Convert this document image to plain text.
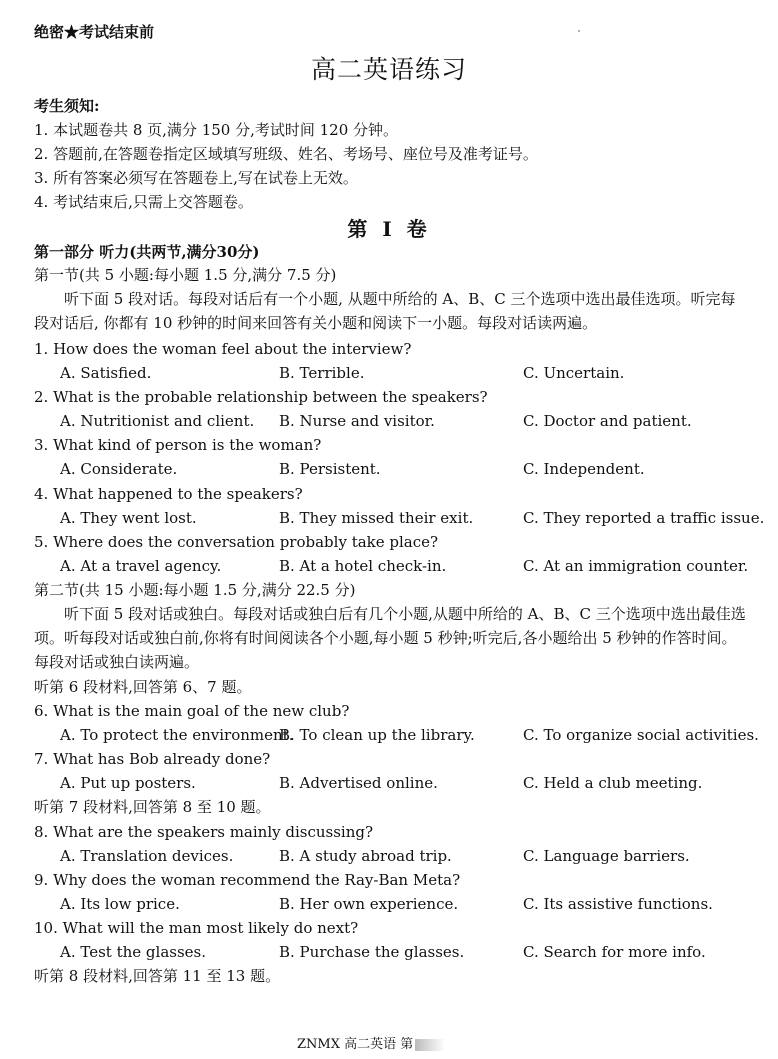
绝密★考试结束前
高二英语练习
考生须知:
1. 本试题卷共 8 页,满分 150 分,考试时间 120 分钟。
2. 答题前,在答题卷指定区域填写班级、姓名、考场号、座位号及准考证号。
3. 所有答案必须写在答题卷上,写在试卷上无效。
4. 考试结束后,只需上交答题卷。
第 I 卷
第一部分 听力(共两节,满分30分)
第一节(共 5 小题:每小题 1.5 分,满分 7.5 分)
听下面 5 段对话。每段对话后有一个小题, 从题中所给的 A、B、C 三个选项中选出最佳选项。听完每段对话后, 你都有 10 秒钟的时间来回答有关小题和阅读下一小题。每段对话读两遍。
1. How does the woman feel about the interview?
A. Satisfied.	B. Terrible.	C. Uncertain.
2. What is the probable relationship between the speakers?
A. Nutritionist and client. B. Nurse and visitor.	C. Doctor and patient.
3. What kind of person is the woman?
A. Considerate.	B. Persistent.	C. Independent.
4. What happened to the speakers?
A. They went lost.	B. They missed their exit.	C. They reported a traffic issue.
5. Where does the conversation probably take place?
A. At a travel agency.	B. At a hotel check-in.	C. At an immigration counter.
第二节(共 15 小题:每小题 1.5 分,满分 22.5 分)
听下面 5 段对话或独白。每段对话或独白后有几个小题,从题中所给的 A、B、C 三个选项中选出最佳选项。听每段对话或独白前,你将有时间阅读各个小题,每小题 5 秒钟;听完后,各小题给出 5 秒钟的作答时间。每段对话或独白读两遍。
听第 6 段材料,回答第 6、7 题。
6. What is the main goal of the new club?
A. To protect the environment.
B. To clean up the library.	C. To organize social activities.
7. What has Bob already done?
A. Put up posters.	B. Advertised online.	C. Held a club meeting.
听第 7 段材料,回答第 8 至 10 题。
8. What are the speakers mainly discussing?
A. Translation devices.	B. A study abroad trip.	C. Language barriers.
9. Why does the woman recommend the Ray-Ban Meta?
A. Its low price.	B. Her own experience.	C. Its assistive functions.
10. What will the man most likely do next?
A. Test the glasses.	B. Purchase the glasses.	C. Search for more info.
听第 8 段材料,回答第 11 至 13 题。
ZNMX 高二英语 第
